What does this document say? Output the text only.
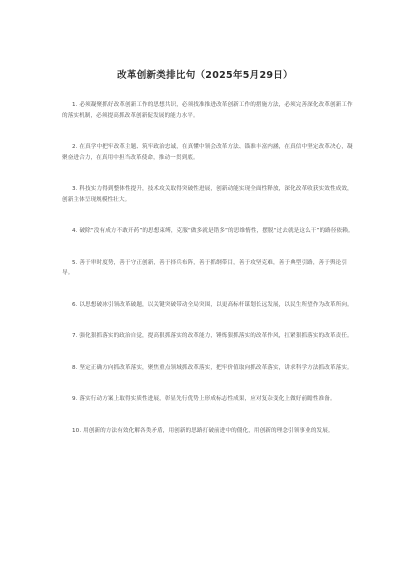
改革创新类排比句（2025年5月29日）

1. 必须凝聚抓好改革创新工作的思想共识，必须找准推进改革创新工作的措施方法，必须完善深化改革创新工作的落实机制，必须提高抓改革创新促发展的能力水平。

2. 在真学中把牢改革主题、筑牢政治忠诚，在真懂中领会改革方法、锚准丰富内涵，在真信中坚定改革决心，凝聚奋进合力，在真用中担当改革使命，推动一贯到底。

3. 科技实力得到整体性提升，技术攻关取得突破性进展，创新动能实现全面性释放，深化改革收获实效性成效，创新主体呈现规模性壮大。

4. 破除“没有成方不敢开药”的思想束缚，克服“做多就是错多”的思维惰性，摆脱“过去就是这么干”的路径依赖。

5. 善于审时度势，善于守正创新，善于择兵布阵，善于抓纲带目，善于攻坚克难，善于典型引路，善于舆论引导。

6. 以思想破冰引领改革破题，以关键突破带动全局突围，以更高标杆谋划长远发展，以民生所望作为改革所向。

7. 强化狠抓落实的政治自觉，提高狠抓落实的改革能力，锤炼狠抓落实的改革作风，扛紧狠抓落实的改革责任。

8. 坚定正确方向抓改革落实，聚焦重点领域抓改革落实，把牢价值取向抓改革落实，讲求科学方法抓改革落实。

9. 落实行动方案上取得实质性进展，彰显先行优势上形成标志性成果，应对复杂变化上做好前瞻性准备。

10. 用创新的方法有效化解各类矛盾，用创新的思路打破前进中的僵化，用创新的理念引领事业的发展。
